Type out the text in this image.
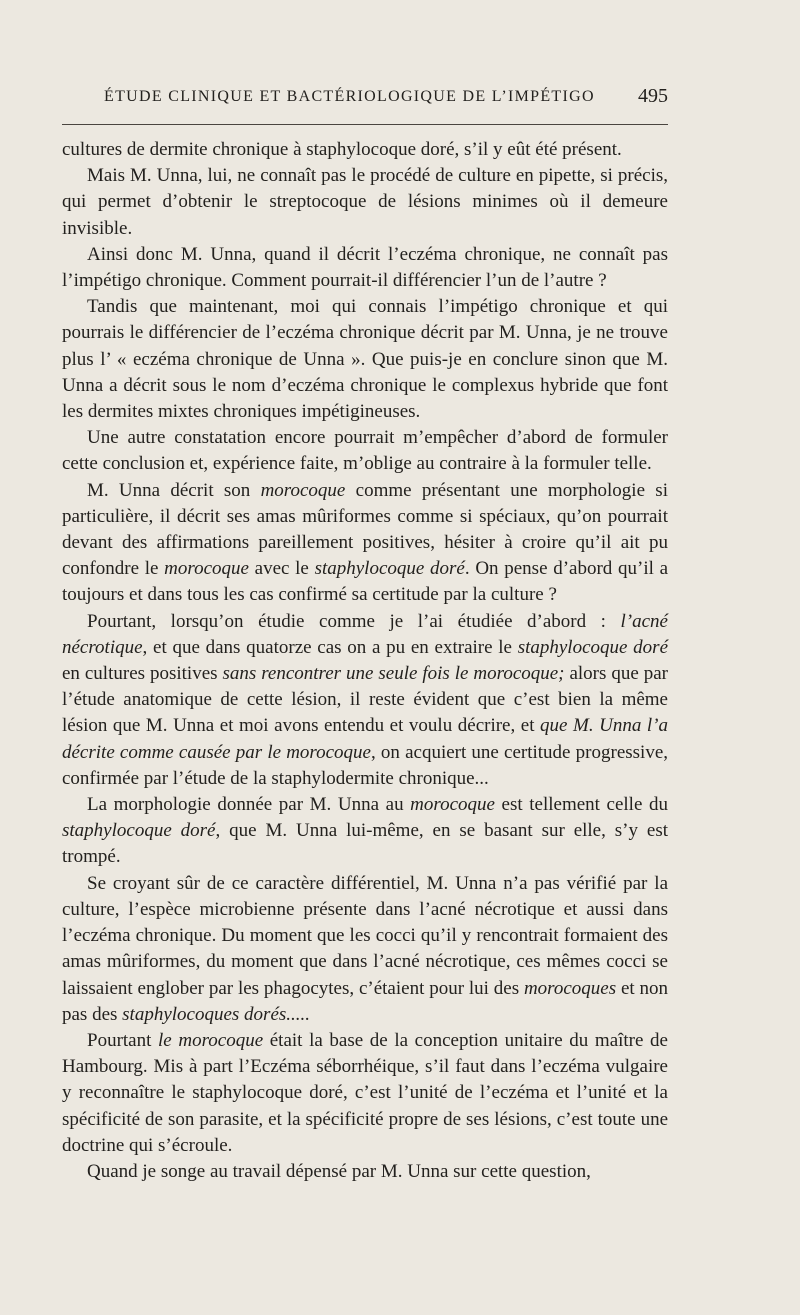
ÉTUDE CLINIQUE ET BACTÉRIOLOGIQUE DE L’IMPÉTIGO 495

cultures de dermite chronique à staphylocoque doré, s’il y eût été présent.

Mais M. Unna, lui, ne connaît pas le procédé de culture en pipette, si précis, qui permet d’obtenir le streptocoque de lésions minimes où il demeure invisible.

Ainsi donc M. Unna, quand il décrit l’eczéma chronique, ne connaît pas l’impétigo chronique. Comment pourrait-il différencier l’un de l’autre ?

Tandis que maintenant, moi qui connais l’impétigo chronique et qui pourrais le différencier de l’eczéma chronique décrit par M. Unna, je ne trouve plus l’ « eczéma chronique de Unna ». Que puis-je en conclure sinon que M. Unna a décrit sous le nom d’eczéma chronique le complexus hybride que font les dermites mixtes chroniques impétigineuses.

Une autre constatation encore pourrait m’empêcher d’abord de formuler cette conclusion et, expérience faite, m’oblige au contraire à la formuler telle.

M. Unna décrit son morocoque comme présentant une morphologie si particulière, il décrit ses amas mûriformes comme si spéciaux, qu’on pourrait devant des affirmations pareillement positives, hésiter à croire qu’il ait pu confondre le morocoque avec le staphylocoque doré. On pense d’abord qu’il a toujours et dans tous les cas confirmé sa certitude par la culture ?

Pourtant, lorsqu’on étudie comme je l’ai étudiée d’abord : l’acné nécrotique, et que dans quatorze cas on a pu en extraire le staphylocoque doré en cultures positives sans rencontrer une seule fois le morocoque; alors que par l’étude anatomique de cette lésion, il reste évident que c’est bien la même lésion que M. Unna et moi avons entendu et voulu décrire, et que M. Unna l’a décrite comme causée par le morocoque, on acquiert une certitude progressive, confirmée par l’étude de la staphylodermite chronique...

La morphologie donnée par M. Unna au morocoque est tellement celle du staphylocoque doré, que M. Unna lui-même, en se basant sur elle, s’y est trompé.

Se croyant sûr de ce caractère différentiel, M. Unna n’a pas vérifié par la culture, l’espèce microbienne présente dans l’acné nécrotique et aussi dans l’eczéma chronique. Du moment que les cocci qu’il y rencontrait formaient des amas mûriformes, du moment que dans l’acné nécrotique, ces mêmes cocci se laissaient englober par les phagocytes, c’étaient pour lui des morocoques et non pas des staphylocoques dorés.....

Pourtant le morocoque était la base de la conception unitaire du maître de Hambourg. Mis à part l’Eczéma séborrhéique, s’il faut dans l’eczéma vulgaire y reconnaître le staphylocoque doré, c’est l’unité de l’eczéma et l’unité et la spécificité de son parasite, et la spécificité propre de ses lésions, c’est toute une doctrine qui s’écroule.

Quand je songe au travail dépensé par M. Unna sur cette question,
